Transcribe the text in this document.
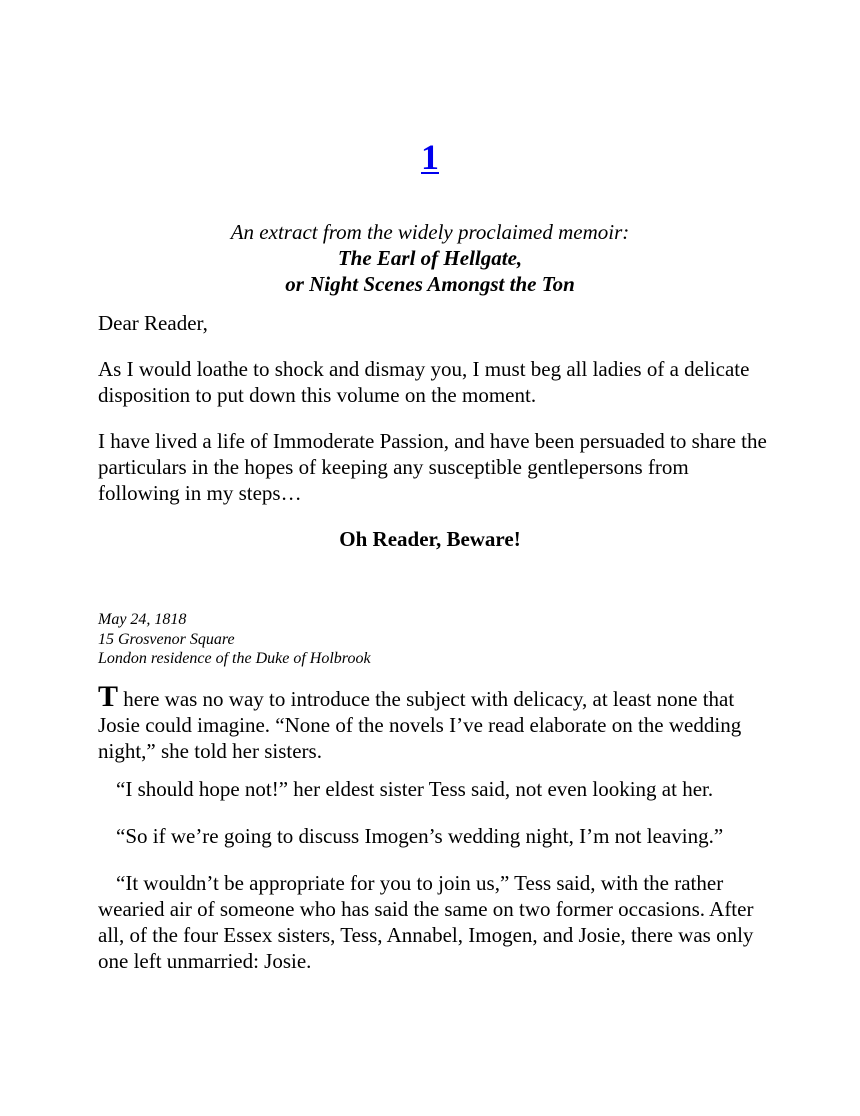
1
An extract from the widely proclaimed memoir:
The Earl of Hellgate,
or Night Scenes Amongst the Ton

Dear Reader,

As I would loathe to shock and dismay you, I must beg all ladies of a delicate disposition to put down this volume on the moment.

I have lived a life of Immoderate Passion, and have been persuaded to share the particulars in the hopes of keeping any susceptible gentlepersons from following in my steps…

Oh Reader, Beware!

May 24, 1818
15 Grosvenor Square
London residence of the Duke of Holbrook

T here was no way to introduce the subject with delicacy, at least none that Josie could imagine. “None of the novels I’ve read elaborate on the wedding night,” she told her sisters.

“I should hope not!” her eldest sister Tess said, not even looking at her.

“So if we’re going to discuss Imogen’s wedding night, I’m not leaving.”

“It wouldn’t be appropriate for you to join us,” Tess said, with the rather wearied air of someone who has said the same on two former occasions. After all, of the four Essex sisters, Tess, Annabel, Imogen, and Josie, there was only one left unmarried: Josie.
